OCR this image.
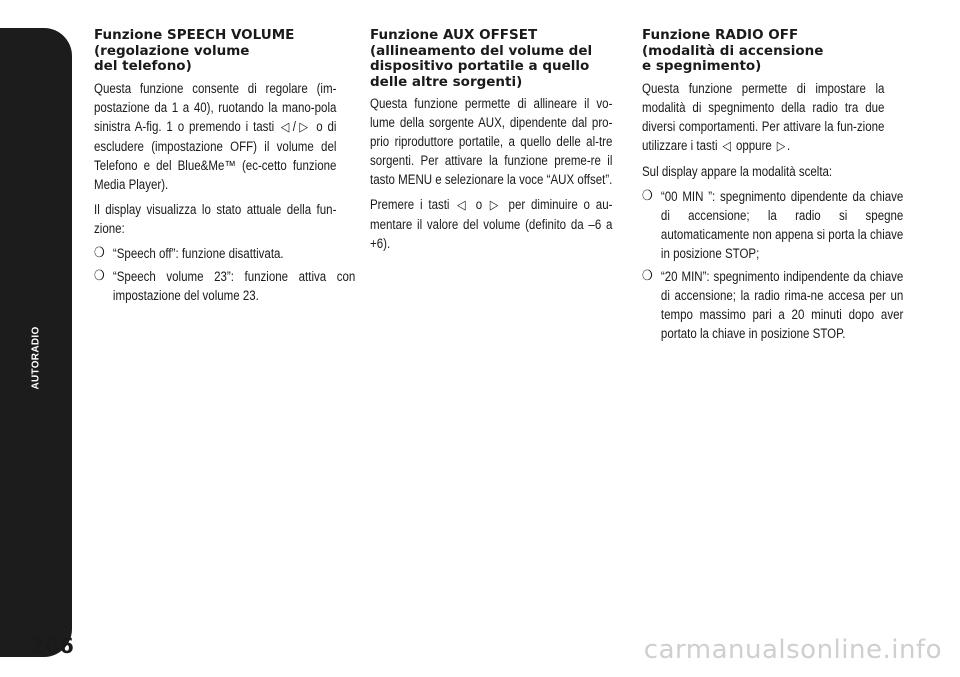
AUTORADIO
266
Funzione SPEECH VOLUME
(regolazione volume
del telefono)

Questa funzione consente di regolare (im-postazione da 1 a 40), ruotando la mano-pola sinistra A-fig. 1 o premendo i tasti ◁ / ▷ o di escludere (impostazione OFF) il volume del Telefono e del Blue&Me™ (ec-cetto funzione Media Player).

Il display visualizza lo stato attuale della fun-zione:

❍ “Speech off”: funzione disattivata.
❍ “Speech volume 23”: funzione attiva con impostazione del volume 23.
Funzione AUX OFFSET
(allineamento del volume del
dispositivo portatile a quello
delle altre sorgenti)

Questa funzione permette di allineare il vo-lume della sorgente AUX, dipendente dal pro-prio riproduttore portatile, a quello delle al-tre sorgenti. Per attivare la funzione preme-re il tasto MENU e selezionare la voce “AUX offset”.

Premere i tasti ◁ o ▷ per diminuire o au-mentare il valore del volume (definito da –6 a +6).

Funzione RADIO OFF
(modalità di accensione
e spegnimento)

Questa funzione permette di impostare la modalità di spegnimento della radio tra due diversi comportamenti. Per attivare la fun-zione utilizzare i tasti ◁ oppure ▷ .

Sul display appare la modalità scelta:

❍ “00 MIN ”: spegnimento dipendente da chiave di accensione; la radio si spegne automaticamente non appena si porta la chiave in posizione STOP;
❍ “20 MIN”: spegnimento indipendente da chiave di accensione; la radio rima-ne accesa per un tempo massimo pari a 20 minuti dopo aver portato la chiave in posizione STOP.
carmanualsonline.info
